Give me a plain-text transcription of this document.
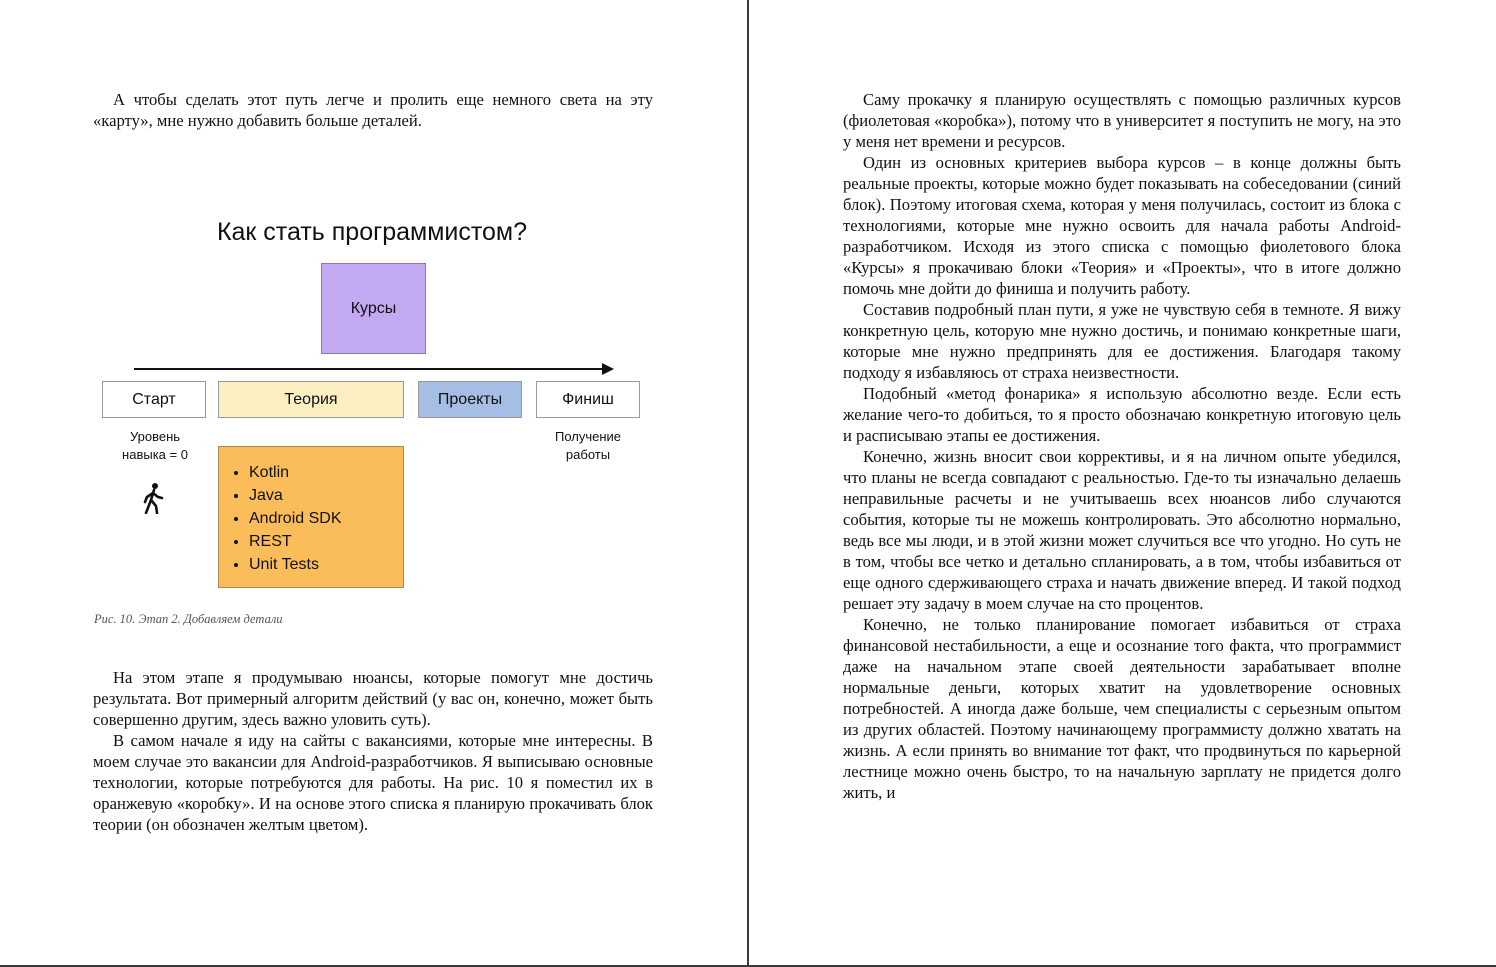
А чтобы сделать этот путь легче и пролить еще немного света на эту «карту», мне нужно добавить больше деталей.

Как стать программистом?
Курсы
Старт	Теория	Проекты	Финиш
Уровень
навыка = 0
Получение
работы
• Kotlin
• Java
• Android SDK
• REST
• Unit Tests
Рис. 10. Этап 2. Добавляем детали

На этом этапе я продумываю нюансы, которые помогут мне достичь результата. Вот примерный алгоритм действий (у вас он, конечно, может быть совершенно другим, здесь важно уловить суть).

В самом начале я иду на сайты с вакансиями, которые мне интересны. В моем случае это вакансии для Android-разработчиков. Я выписываю основные технологии, которые потребуются для работы. На рис. 10 я поместил их в оранжевую «коробку». И на основе этого списка я планирую прокачивать блок теории (он обозначен желтым цветом).

Саму прокачку я планирую осуществлять с помощью различных курсов (фиолетовая «коробка»), потому что в университет я поступить не могу, на это у меня нет времени и ресурсов.

Один из основных критериев выбора курсов – в конце должны быть реальные проекты, которые можно будет показывать на собеседовании (синий блок). Поэтому итоговая схема, которая у меня получилась, состоит из блока с технологиями, которые мне нужно освоить для начала работы Android-разработчиком. Исходя из этого списка с помощью фиолетового блока «Курсы» я прокачиваю блоки «Теория» и «Проекты», что в итоге должно помочь мне дойти до финиша и получить работу.

Составив подробный план пути, я уже не чувствую себя в темноте. Я вижу конкретную цель, которую мне нужно достичь, и понимаю конкретные шаги, которые мне нужно предпринять для ее достижения. Благодаря такому подходу я избавляюсь от страха неизвестности.

Подобный «метод фонарика» я использую абсолютно везде. Если есть желание чего-то добиться, то я просто обозначаю конкретную итоговую цель и расписываю этапы ее достижения.

Конечно, жизнь вносит свои коррективы, и я на личном опыте убедился, что планы не всегда совпадают с реальностью. Где-то ты изначально делаешь неправильные расчеты и не учитываешь всех нюансов либо случаются события, которые ты не можешь контролировать. Это абсолютно нормально, ведь все мы люди, и в этой жизни может случиться все что угодно. Но суть не в том, чтобы все четко и детально спланировать, а в том, чтобы избавиться от еще одного сдерживающего страха и начать движение вперед. И такой подход решает эту задачу в моем случае на сто процентов.

Конечно, не только планирование помогает избавиться от страха финансовой нестабильности, а еще и осознание того факта, что программист даже на начальном этапе своей деятельности зарабатывает вполне нормальные деньги, которых хватит на удовлетворение основных потребностей. А иногда даже больше, чем специалисты с серьезным опытом из других областей. Поэтому начинающему программисту должно хватать на жизнь. А если принять во внимание тот факт, что продвинуться по карьерной лестнице можно очень быстро, то на начальную зарплату не придется долго жить, и
